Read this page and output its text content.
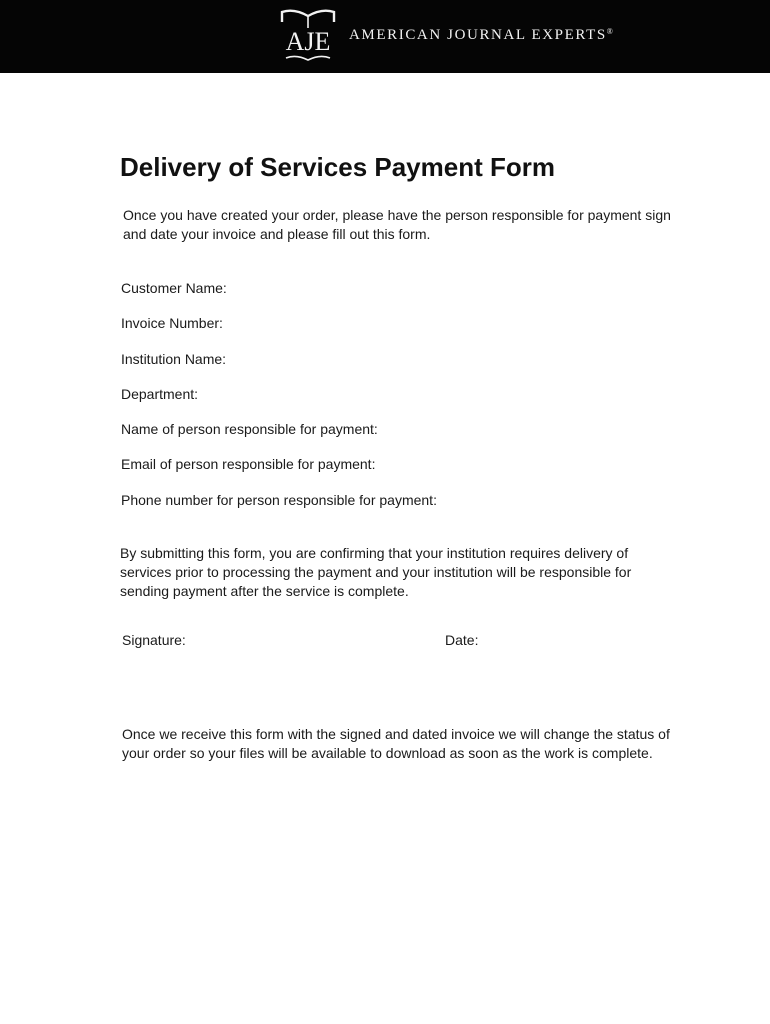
AJE AMERICAN JOURNAL EXPERTS®
Delivery of Services Payment Form

Once you have created your order, please have the person responsible for payment sign and date your invoice and please fill out this form.

Customer Name:
Invoice Number:
Institution Name:
Department:
Name of person responsible for payment:
Email of person responsible for payment:
Phone number for person responsible for payment:

By submitting this form, you are confirming that your institution requires delivery of services prior to processing the payment and your institution will be responsible for sending payment after the service is complete.

Signature:	Date:

Once we receive this form with the signed and dated invoice we will change the status of your order so your files will be available to download as soon as the work is complete.
